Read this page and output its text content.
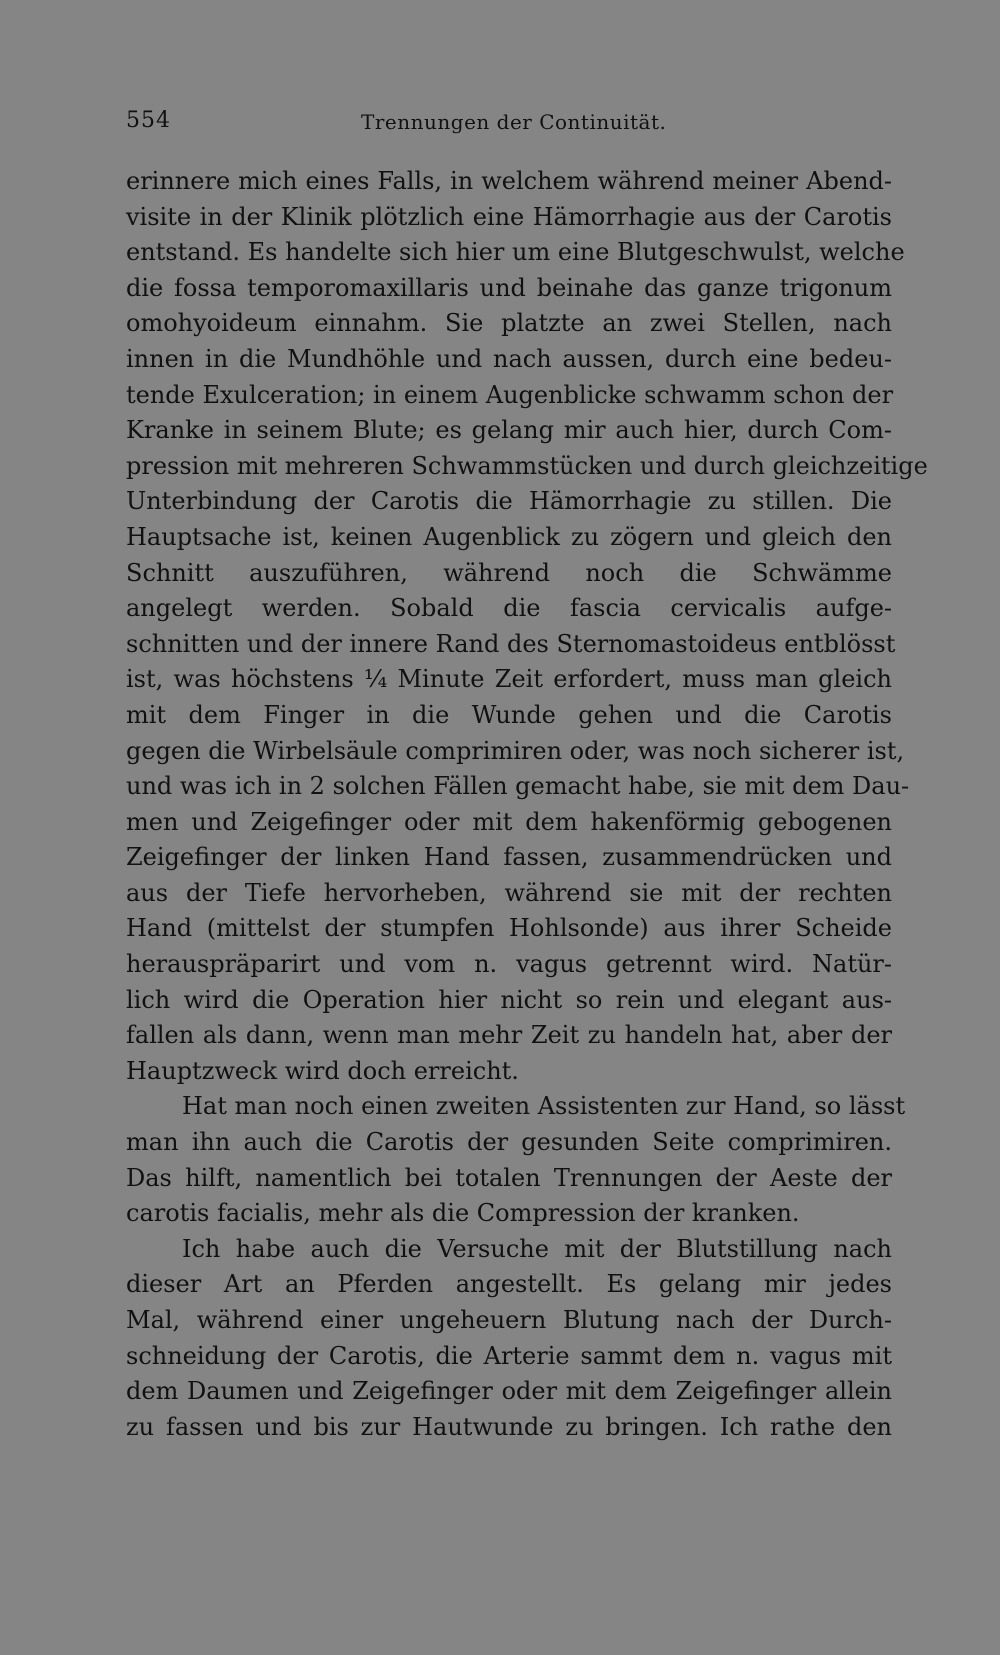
554	Trennungen der Continuität.
erinnere mich eines Falls, in welchem während meiner Abend-
visite in der Klinik plötzlich eine Hämorrhagie aus der Carotis
entstand. Es handelte sich hier um eine Blutgeschwulst, welche
die fossa temporomaxillaris und beinahe das ganze trigonum
omohyoideum einnahm. Sie platzte an zwei Stellen, nach
innen in die Mundhöhle und nach aussen, durch eine bedeu-
tende Exulceration; in einem Augenblicke schwamm schon der
Kranke in seinem Blute; es gelang mir auch hier, durch Com-
pression mit mehreren Schwammstücken und durch gleichzeitige
Unterbindung der Carotis die Hämorrhagie zu stillen. Die
Hauptsache ist, keinen Augenblick zu zögern und gleich den
Schnitt auszuführen, während noch die Schwämme
angelegt werden. Sobald die fascia cervicalis aufge-
schnitten und der innere Rand des Sternomastoideus entblösst
ist, was höchstens ¼ Minute Zeit erfordert, muss man gleich
mit dem Finger in die Wunde gehen und die Carotis
gegen die Wirbelsäule comprimiren oder, was noch sicherer ist,
und was ich in 2 solchen Fällen gemacht habe, sie mit dem Dau-
men und Zeigefinger oder mit dem hakenförmig gebogenen
Zeigefinger der linken Hand fassen, zusammendrücken und
aus der Tiefe hervorheben, während sie mit der rechten
Hand (mittelst der stumpfen Hohlsonde) aus ihrer Scheide
herauspräparirt und vom n. vagus getrennt wird. Natür-
lich wird die Operation hier nicht so rein und elegant aus-
fallen als dann, wenn man mehr Zeit zu handeln hat, aber der
Hauptzweck wird doch erreicht.
Hat man noch einen zweiten Assistenten zur Hand, so lässt
man ihn auch die Carotis der gesunden Seite comprimiren.
Das hilft, namentlich bei totalen Trennungen der Aeste der
carotis facialis, mehr als die Compression der kranken.
Ich habe auch die Versuche mit der Blutstillung nach
dieser Art an Pferden angestellt. Es gelang mir jedes
Mal, während einer ungeheuern Blutung nach der Durch-
schneidung der Carotis, die Arterie sammt dem n. vagus mit
dem Daumen und Zeigefinger oder mit dem Zeigefinger allein
zu fassen und bis zur Hautwunde zu bringen. Ich rathe den
